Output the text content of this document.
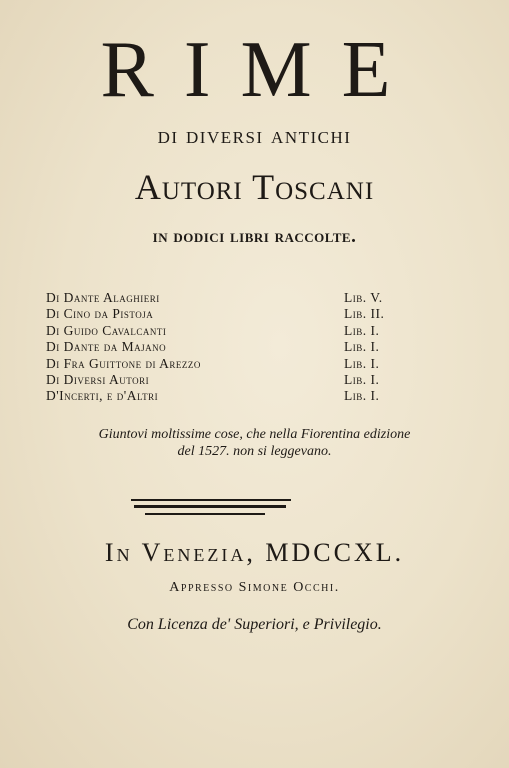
RIME
di diversi antichi
Autori Toscani
in dodici libri raccolte.
Di Dante Alaghieri	Lib. V.
Di Cino da Pistoja	Lib. II.
Di Guido Cavalcanti	Lib. I.
Di Dante da Majano	Lib. I.
Di Fra Guittone di Arezzo	Lib. I.
Di Diversi Autori	Lib. I.
D'Incerti, e d'Altri	Lib. I.
Giuntovi moltissime cose, che nella Fiorentina edizione
del 1527. non si leggevano.
In Venezia, MDCCXL.
Appresso Simone Occhi.
Con Licenza de' Superiori, e Privilegio.
